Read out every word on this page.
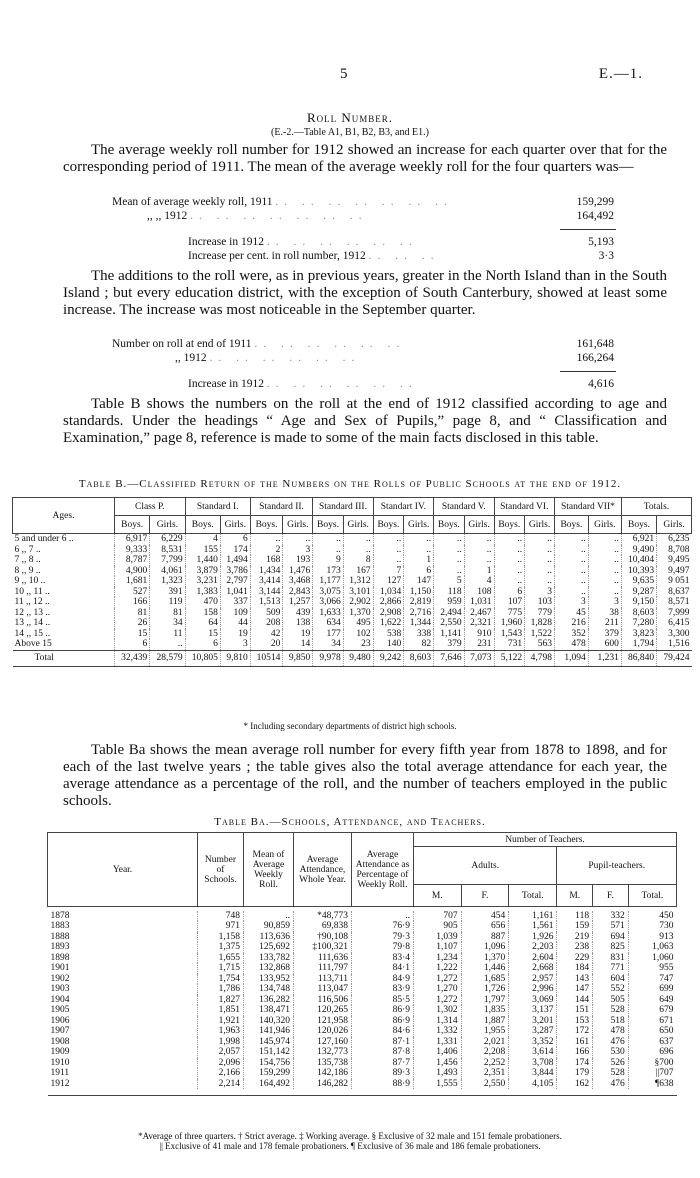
5	E.—1.
Roll Number.
(E.-2.—Table A1, B1, B2, B3, and E1.)
The average weekly roll number for 1912 showed an increase for each quarter over that for the corresponding period of 1911. The mean of the average weekly roll for the four quarters was—
Mean of average weekly roll, 1911 .. .. .. .. .. .. ..	159,299
,, ,, 1912 .. .. .. .. .. .. ..	164,492
Increase in 1912 .. .. .. .. .. ..	5,193
Increase per cent. in roll number, 1912 .. .. ..	3·3
The additions to the roll were, as in previous years, greater in the North Island than in the South Island ; but every education district, with the exception of South Canterbury, showed at least some increase. The increase was most noticeable in the September quarter.
Number on roll at end of 1911 .. .. .. .. .. ..	161,648
,, 1912 .. .. .. .. .. ..	166,264
Increase in 1912 .. .. .. .. .. ..	4,616
Table B shows the numbers on the roll at the end of 1912 classified according to age and standards. Under the headings “ Age and Sex of Pupils,” page 8, and “ Classification and Examination,” page 8, reference is made to some of the main facts disclosed in this table.
Table B.—Classified Return of the Numbers on the Rolls of Public Schools at the end of 1912.
Ages.	Class P.		Standard I.		Standard II.		Standard III.		Standart IV.		Standard V.		Standard VI.		Standard VII*		Totals.	
	Boys.	Girls.	Boys.	Girls.	Boys.	Girls.	Boys.	Girls.	Boys.	Girls.	Boys.	Girls.	Boys.	Girls.	Boys.	Girls.	Boys.	Girls.
5 and under 6 ..	6,917	6,229	4	6	..	..	..	..	..	..	..	..	..	..	..	..	6,921	6,235
6 ,, 7 ..	9,333	8,531	155	174	2	3	..	..	..	..	..	..	..	..	..	..	9,490	8,708
7 ,, 8 ..	8,787	7,799	1,440	1,494	168	193	9	8	..	1	..	..	..	..	..	..	10,404	9,495
8 ,, 9 ..	4,900	4,061	3,879	3,786	1,434	1,476	173	167	7	6	..	1	..	..	..	..	10,393	9,497
9 ,, 10 ..	1,681	1,323	3,231	2,797	3,414	3,468	1,177	1,312	127	147	5	4	..	..	..	..	9,635	9 051
10 ,, 11 ..	527	391	1,383	1,041	3,144	2,843	3,075	3,101	1,034	1,150	118	108	6	3	..	..	9,287	8,637
11 ,, 12 ..	166	119	470	337	1,513	1,257	3,066	2,902	2,866	2,819	959	1,031	107	103	3	3	9,150	8,571
12 ,, 13 ..	81	81	158	109	509	439	1,633	1,370	2,908	2,716	2,494	2,467	775	779	45	38	8,603	7,999
13 ,, 14 ..	26	34	64	44	208	138	634	495	1,622	1,344	2,550	2,321	1,960	1,828	216	211	7,280	6,415
14 ,, 15 ..	15	11	15	19	42	19	177	102	538	338	1,141	910	1,543	1,522	352	379	3,823	3,300
Above 15	6	..	6	3	20	14	34	23	140	82	379	231	731	563	478	600	1,794	1,516
Total	32,439	28,579	10,805	9,810	10514	9,850	9,978	9,480	9,242	8,603	7,646	7,073	5,122	4,798	1,094	1,231	86,840	79,424
* Including secondary departments of district high schools.
Table Ba shows the mean average roll number for every fifth year from 1878 to 1898, and for each of the last twelve years ; the table gives also the total average attendance for each year, the average attendance as a percentage of the roll, and the number of teachers employed in the public schools.
Table Ba.—Schools, Attendance, and Teachers.
Year.	Number of Schools.	Mean of Average Weekly Roll.	Average Attendance, Whole Year.	Average Attendance as Percentage of Weekly Roll.	Number of Teachers.					
					Adults.			Pupil-teachers.		
					M.	F.	Total.	M.	F.	Total.

1878	748	..	*48,773	..	707	454	1,161	118	332	450
1883	971	90,859	69,838	76·9	905	656	1,561	159	571	730
1888	1,158	113,636	†90,108	79·3	1,039	887	1,926	219	694	913
1893	1,375	125,692	‡100,321	79·8	1,107	1,096	2,203	238	825	1,063
1898	1,655	133,782	111,636	83·4	1,234	1,370	2,604	229	831	1,060
1901	1,715	132,868	111,797	84·1	1,222	1,446	2,668	184	771	955
1902	1,754	133,952	113,711	84·9	1,272	1,685	2,957	143	604	747
1903	1,786	134,748	113,047	83·9	1,270	1,726	2,996	147	552	699
1904	1,827	136,282	116,506	85·5	1,272	1,797	3,069	144	505	649
1905	1,851	138,471	120,265	86·9	1,302	1,835	3,137	151	528	679
1906	1,921	140,320	121,958	86·9	1,314	1,887	3,201	153	518	671
1907	1,963	141,946	120,026	84·6	1,332	1,955	3,287	172	478	650
1908	1,998	145,974	127,160	87·1	1,331	2,021	3,352	161	476	637
1909	2,057	151,142	132,773	87·8	1,406	2,208	3,614	166	530	696
1910	2,096	154,756	135,738	87·7	1,456	2,252	3,708	174	526	§700
1911	2,166	159,299	142,186	89·3	1,493	2,351	3,844	179	528	||707
1912	2,214	164,492	146,282	88·9	1,555	2,550	4,105	162	476	¶638

*Average of three quarters. † Strict average. ‡ Working average. § Exclusive of 32 male and 151 female probationers.
|| Exclusive of 41 male and 178 female probationers. ¶ Exclusive of 36 male and 186 female probationers.
